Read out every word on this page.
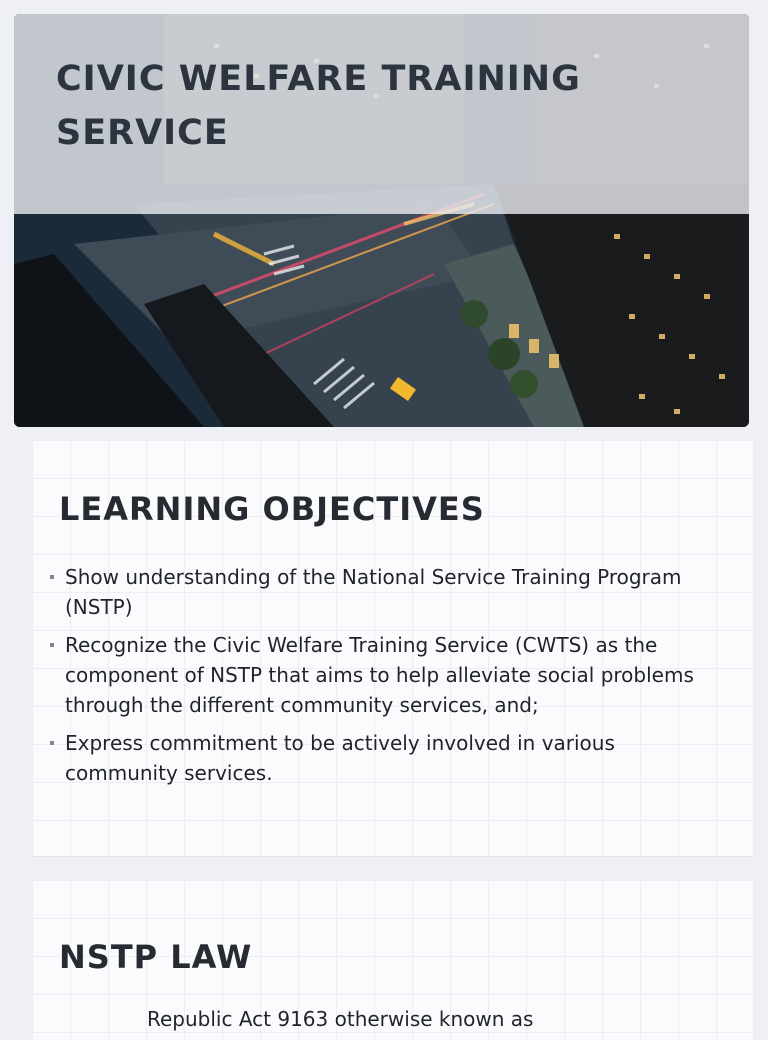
CIVIC WELFARE TRAINING SERVICE
LEARNING OBJECTIVES
Show understanding of the National Service Training Program (NSTP)
Recognize the Civic Welfare Training Service (CWTS) as the component of NSTP that aims to help alleviate social problems through the different community services, and;
Express commitment to be actively involved in various community services.
NSTP LAW

Republic Act 9163 otherwise known as
